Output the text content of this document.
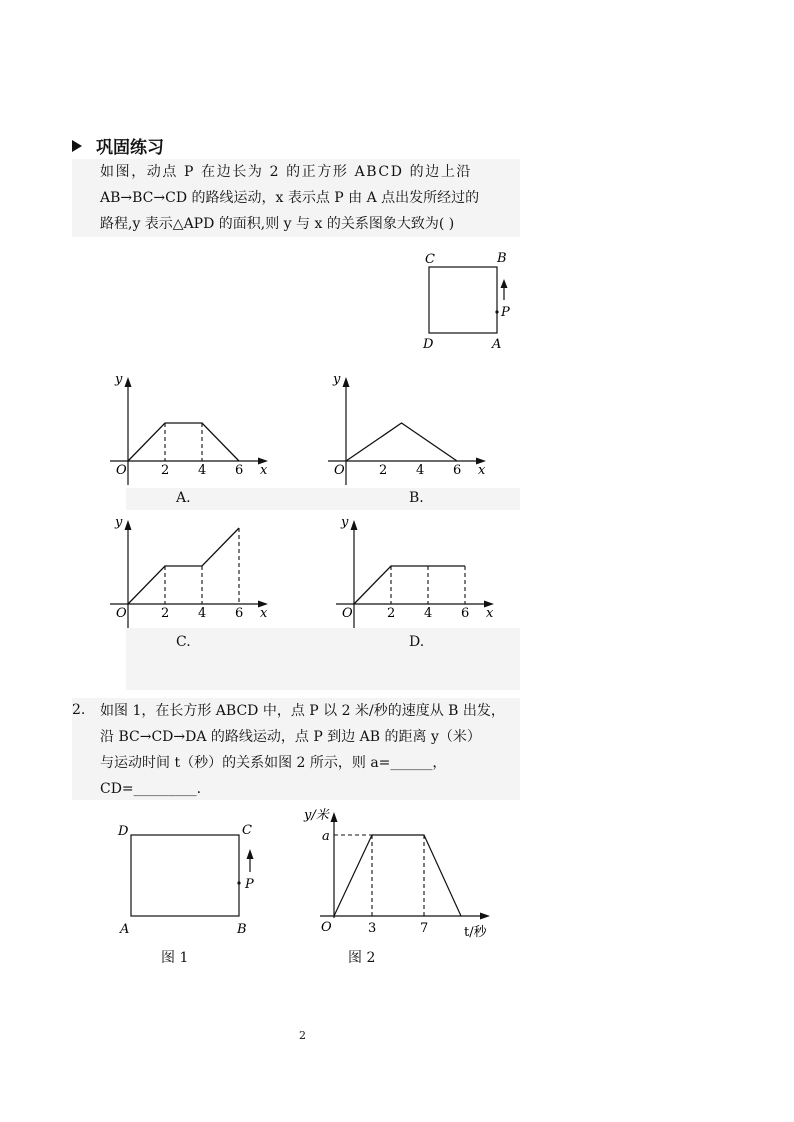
巩固练习
如图，动点 P 在边长为 2 的正方形 ABCD 的边上沿
AB→BC→CD 的路线运动，x 表示点 P 由 A 点出发所经过的
路程,y 表示△APD 的面积,则 y 与 x 的关系图象大致为( )
C	B
D	A
P
y
O	x
2 4 6
y
O	x
2 4 6
y
O	x
2 4 6
y
O	x
2 4 6
A.	B.
C.	D.
2. 如图 1，在长方形 ABCD 中，点 P 以 2 米/秒的速度从 B 出发，
沿 BC→CD→DA 的路线运动，点 P 到边 AB 的距离 y（米）
与运动时间 t（秒）的关系如图 2 所示，则 a=______，
CD=_________.
D	C
A	B
P
图 1
y/米
a
O	3	7	t/秒
图 2
2
